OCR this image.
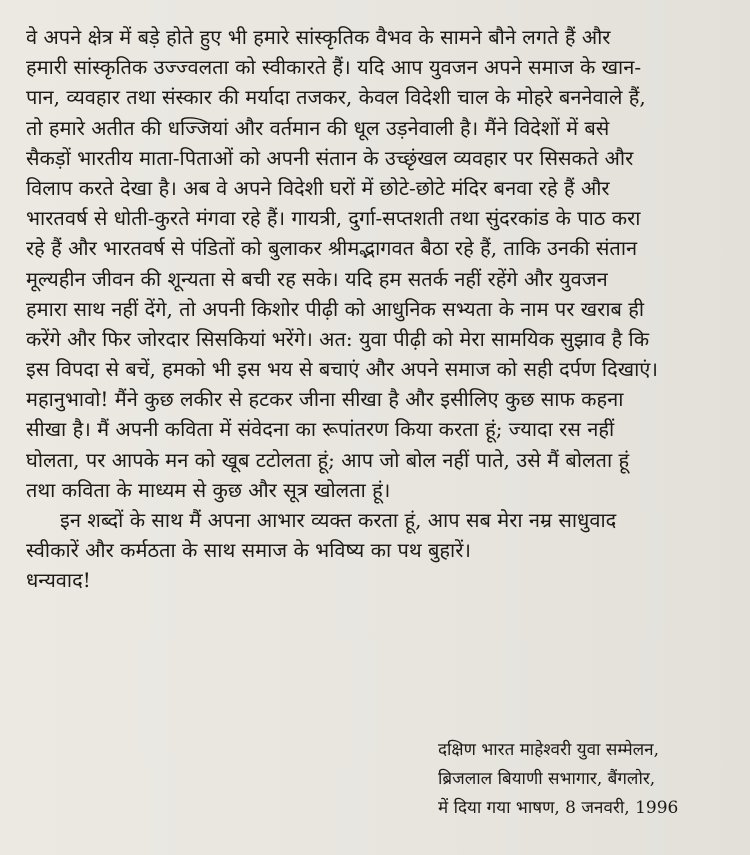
वे अपने क्षेत्र में बड़े होते हुए भी हमारे सांस्कृतिक वैभव के सामने बौने लगते हैं और
हमारी सांस्कृतिक उज्ज्वलता को स्वीकारते हैं। यदि आप युवजन अपने समाज के खान-
पान, व्यवहार तथा संस्कार की मर्यादा तजकर, केवल विदेशी चाल के मोहरे बननेवाले हैं,
तो हमारे अतीत की धज्जियां और वर्तमान की धूल उड़नेवाली है। मैंने विदेशों में बसे
सैकड़ों भारतीय माता-पिताओं को अपनी संतान के उच्छृंखल व्यवहार पर सिसकते और
विलाप करते देखा है। अब वे अपने विदेशी घरों में छोटे-छोटे मंदिर बनवा रहे हैं और
भारतवर्ष से धोती-कुरते मंगवा रहे हैं। गायत्री, दुर्गा-सप्तशती तथा सुंदरकांड के पाठ करा
रहे हैं और भारतवर्ष से पंडितों को बुलाकर श्रीमद्भागवत बैठा रहे हैं, ताकि उनकी संतान
मूल्यहीन जीवन की शून्यता से बची रह सके। यदि हम सतर्क नहीं रहेंगे और युवजन
हमारा साथ नहीं देंगे, तो अपनी किशोर पीढ़ी को आधुनिक सभ्यता के नाम पर खराब ही
करेंगे और फिर जोरदार सिसकियां भरेंगे। अत: युवा पीढ़ी को मेरा सामयिक सुझाव है कि
इस विपदा से बचें, हमको भी इस भय से बचाएं और अपने समाज को सही दर्पण दिखाएं।
महानुभावो! मैंने कुछ लकीर से हटकर जीना सीखा है और इसीलिए कुछ साफ कहना
सीखा है। मैं अपनी कविता में संवेदना का रूपांतरण किया करता हूं; ज्यादा रस नहीं
घोलता, पर आपके मन को खूब टटोलता हूं; आप जो बोल नहीं पाते, उसे मैं बोलता हूं
तथा कविता के माध्यम से कुछ और सूत्र खोलता हूं।
इन शब्दों के साथ मैं अपना आभार व्यक्त करता हूं, आप सब मेरा नम्र साधुवाद
स्वीकारें और कर्मठता के साथ समाज के भविष्य का पथ बुहारें।
धन्यवाद!
दक्षिण भारत माहेश्वरी युवा सम्मेलन,
ब्रिजलाल बियाणी सभागार, बैंगलोर,
में दिया गया भाषण, 8 जनवरी, 1996
